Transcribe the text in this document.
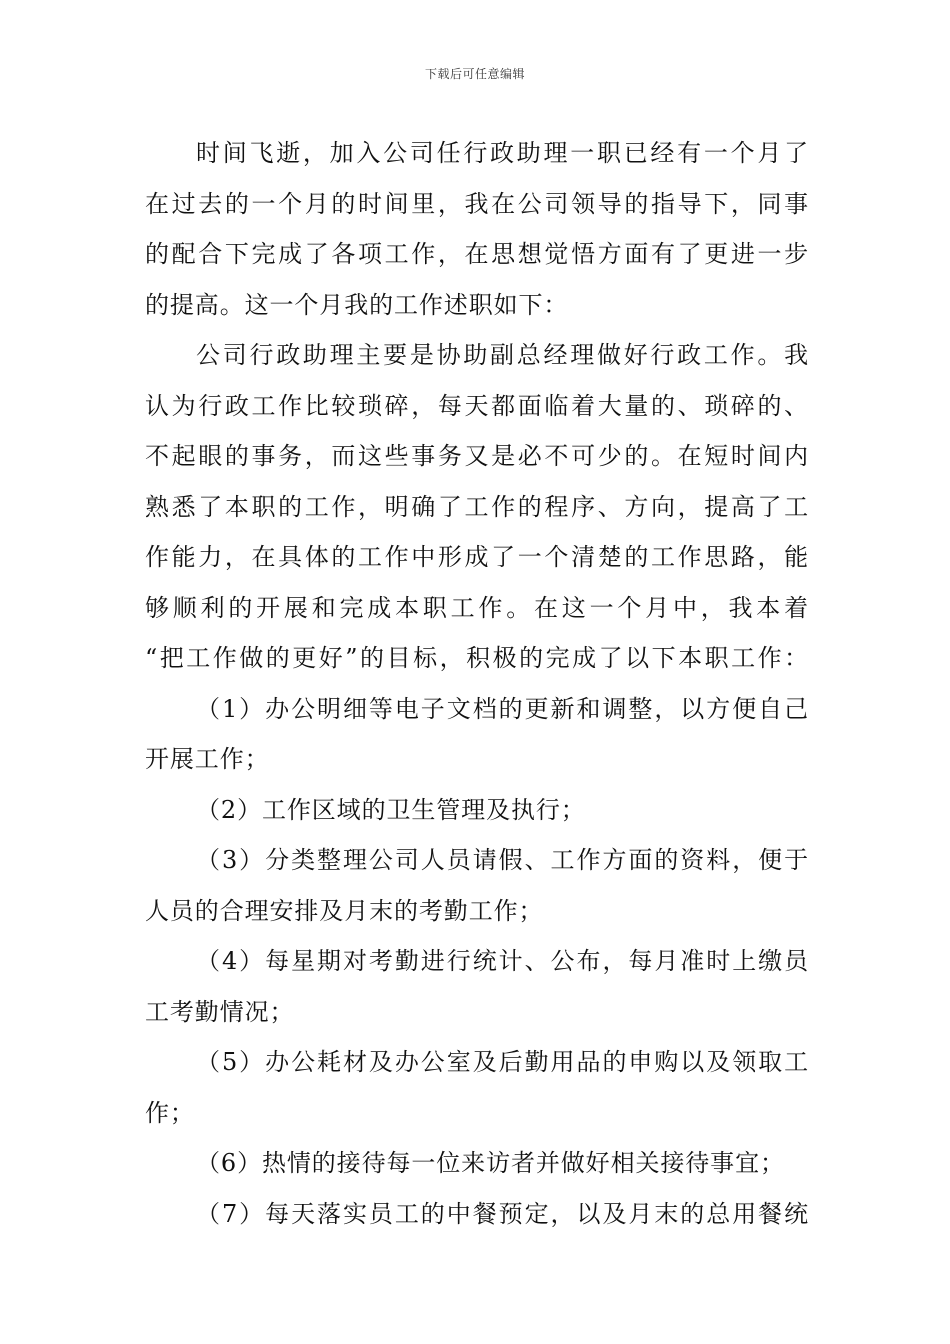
下载后可任意编辑
时间飞逝，加入公司任行政助理一职已经有一个月了
在过去的一个月的时间里，我在公司领导的指导下，同事
的配合下完成了各项工作，在思想觉悟方面有了更进一步
的提高。这一个月我的工作述职如下：
公司行政助理主要是协助副总经理做好行政工作。我
认为行政工作比较琐碎，每天都面临着大量的、琐碎的、
不起眼的事务，而这些事务又是必不可少的。在短时间内
熟悉了本职的工作，明确了工作的程序、方向，提高了工
作能力，在具体的工作中形成了一个清楚的工作思路，能
够顺利的开展和完成本职工作。在这一个月中，我本着
“把工作做的更好”的目标，积极的完成了以下本职工作：
（1）办公明细等电子文档的更新和调整，以方便自己
开展工作；
（2）工作区域的卫生管理及执行；
（3）分类整理公司人员请假、工作方面的资料，便于
人员的合理安排及月末的考勤工作；
（4）每星期对考勤进行统计、公布，每月准时上缴员
工考勤情况；
（5）办公耗材及办公室及后勤用品的申购以及领取工
作；
（6）热情的接待每一位来访者并做好相关接待事宜；
（7）每天落实员工的中餐预定，以及月末的总用餐统
